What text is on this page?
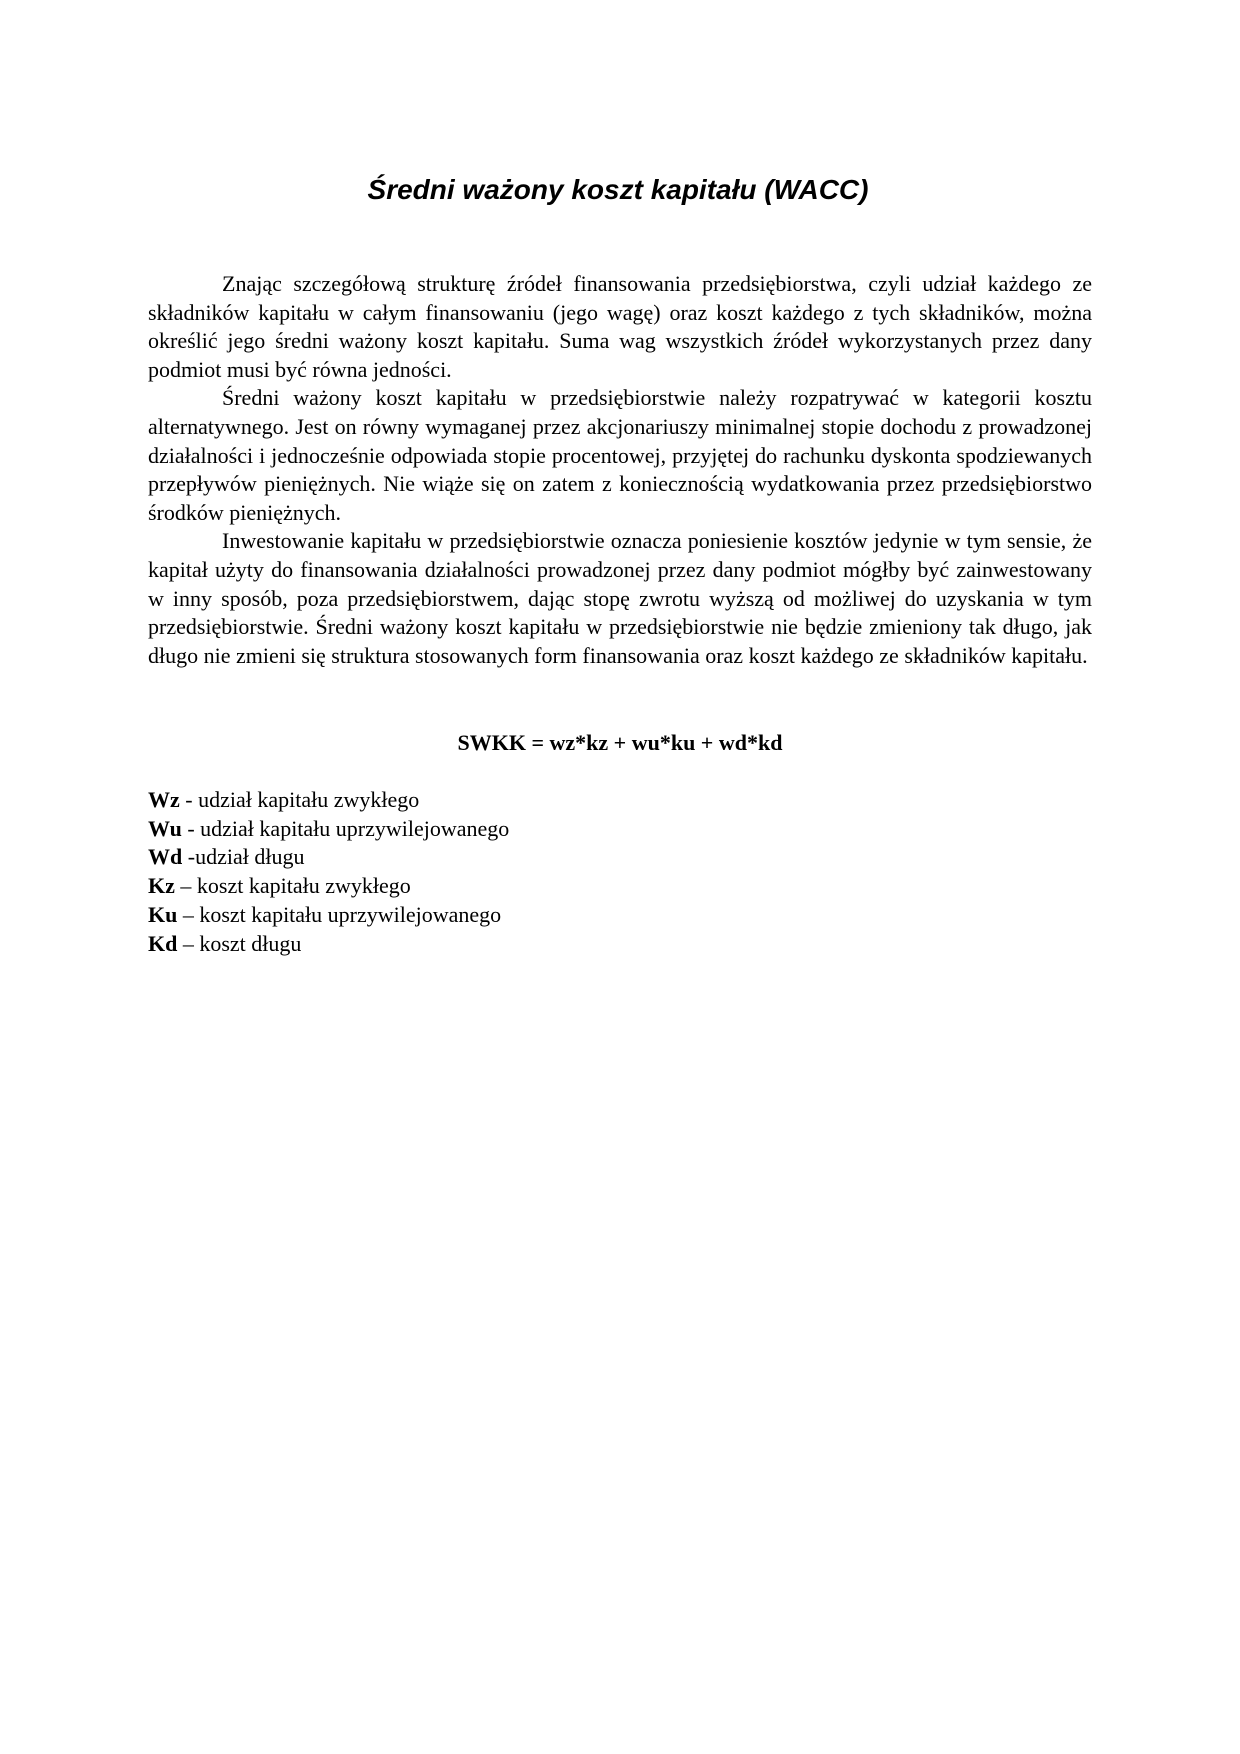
Średni ważony koszt kapitału (WACC)

Znając szczegółową strukturę źródeł finansowania przedsiębiorstwa, czyli udział każdego ze składników kapitału w całym finansowaniu (jego wagę) oraz koszt każdego z tych składników, można określić jego średni ważony koszt kapitału. Suma wag wszystkich źródeł wykorzystanych przez dany podmiot musi być równa jedności.

Średni ważony koszt kapitału w przedsiębiorstwie należy rozpatrywać w kategorii kosztu alternatywnego. Jest on równy wymaganej przez akcjonariuszy minimalnej stopie dochodu z prowadzonej działalności i jednocześnie odpowiada stopie procentowej, przyjętej do rachunku dyskonta spodziewanych przepływów pieniężnych. Nie wiąże się on zatem z koniecznością wydatkowania przez przedsiębiorstwo środków pieniężnych.

Inwestowanie kapitału w przedsiębiorstwie oznacza poniesienie kosztów jedynie w tym sensie, że kapitał użyty do finansowania działalności prowadzonej przez dany podmiot mógłby być zainwestowany w inny sposób, poza przedsiębiorstwem, dając stopę zwrotu wyższą od możliwej do uzyskania w tym przedsiębiorstwie. Średni ważony koszt kapitału w przedsiębiorstwie nie będzie zmieniony tak długo, jak długo nie zmieni się struktura stosowanych form finansowania oraz koszt każdego ze składników kapitału.

SWKK = wz*kz + wu*ku + wd*kd

Wz - udział kapitału zwykłego
Wu - udział kapitału uprzywilejowanego
Wd -udział długu
Kz – koszt kapitału zwykłego
Ku – koszt kapitału uprzywilejowanego
Kd – koszt długu
